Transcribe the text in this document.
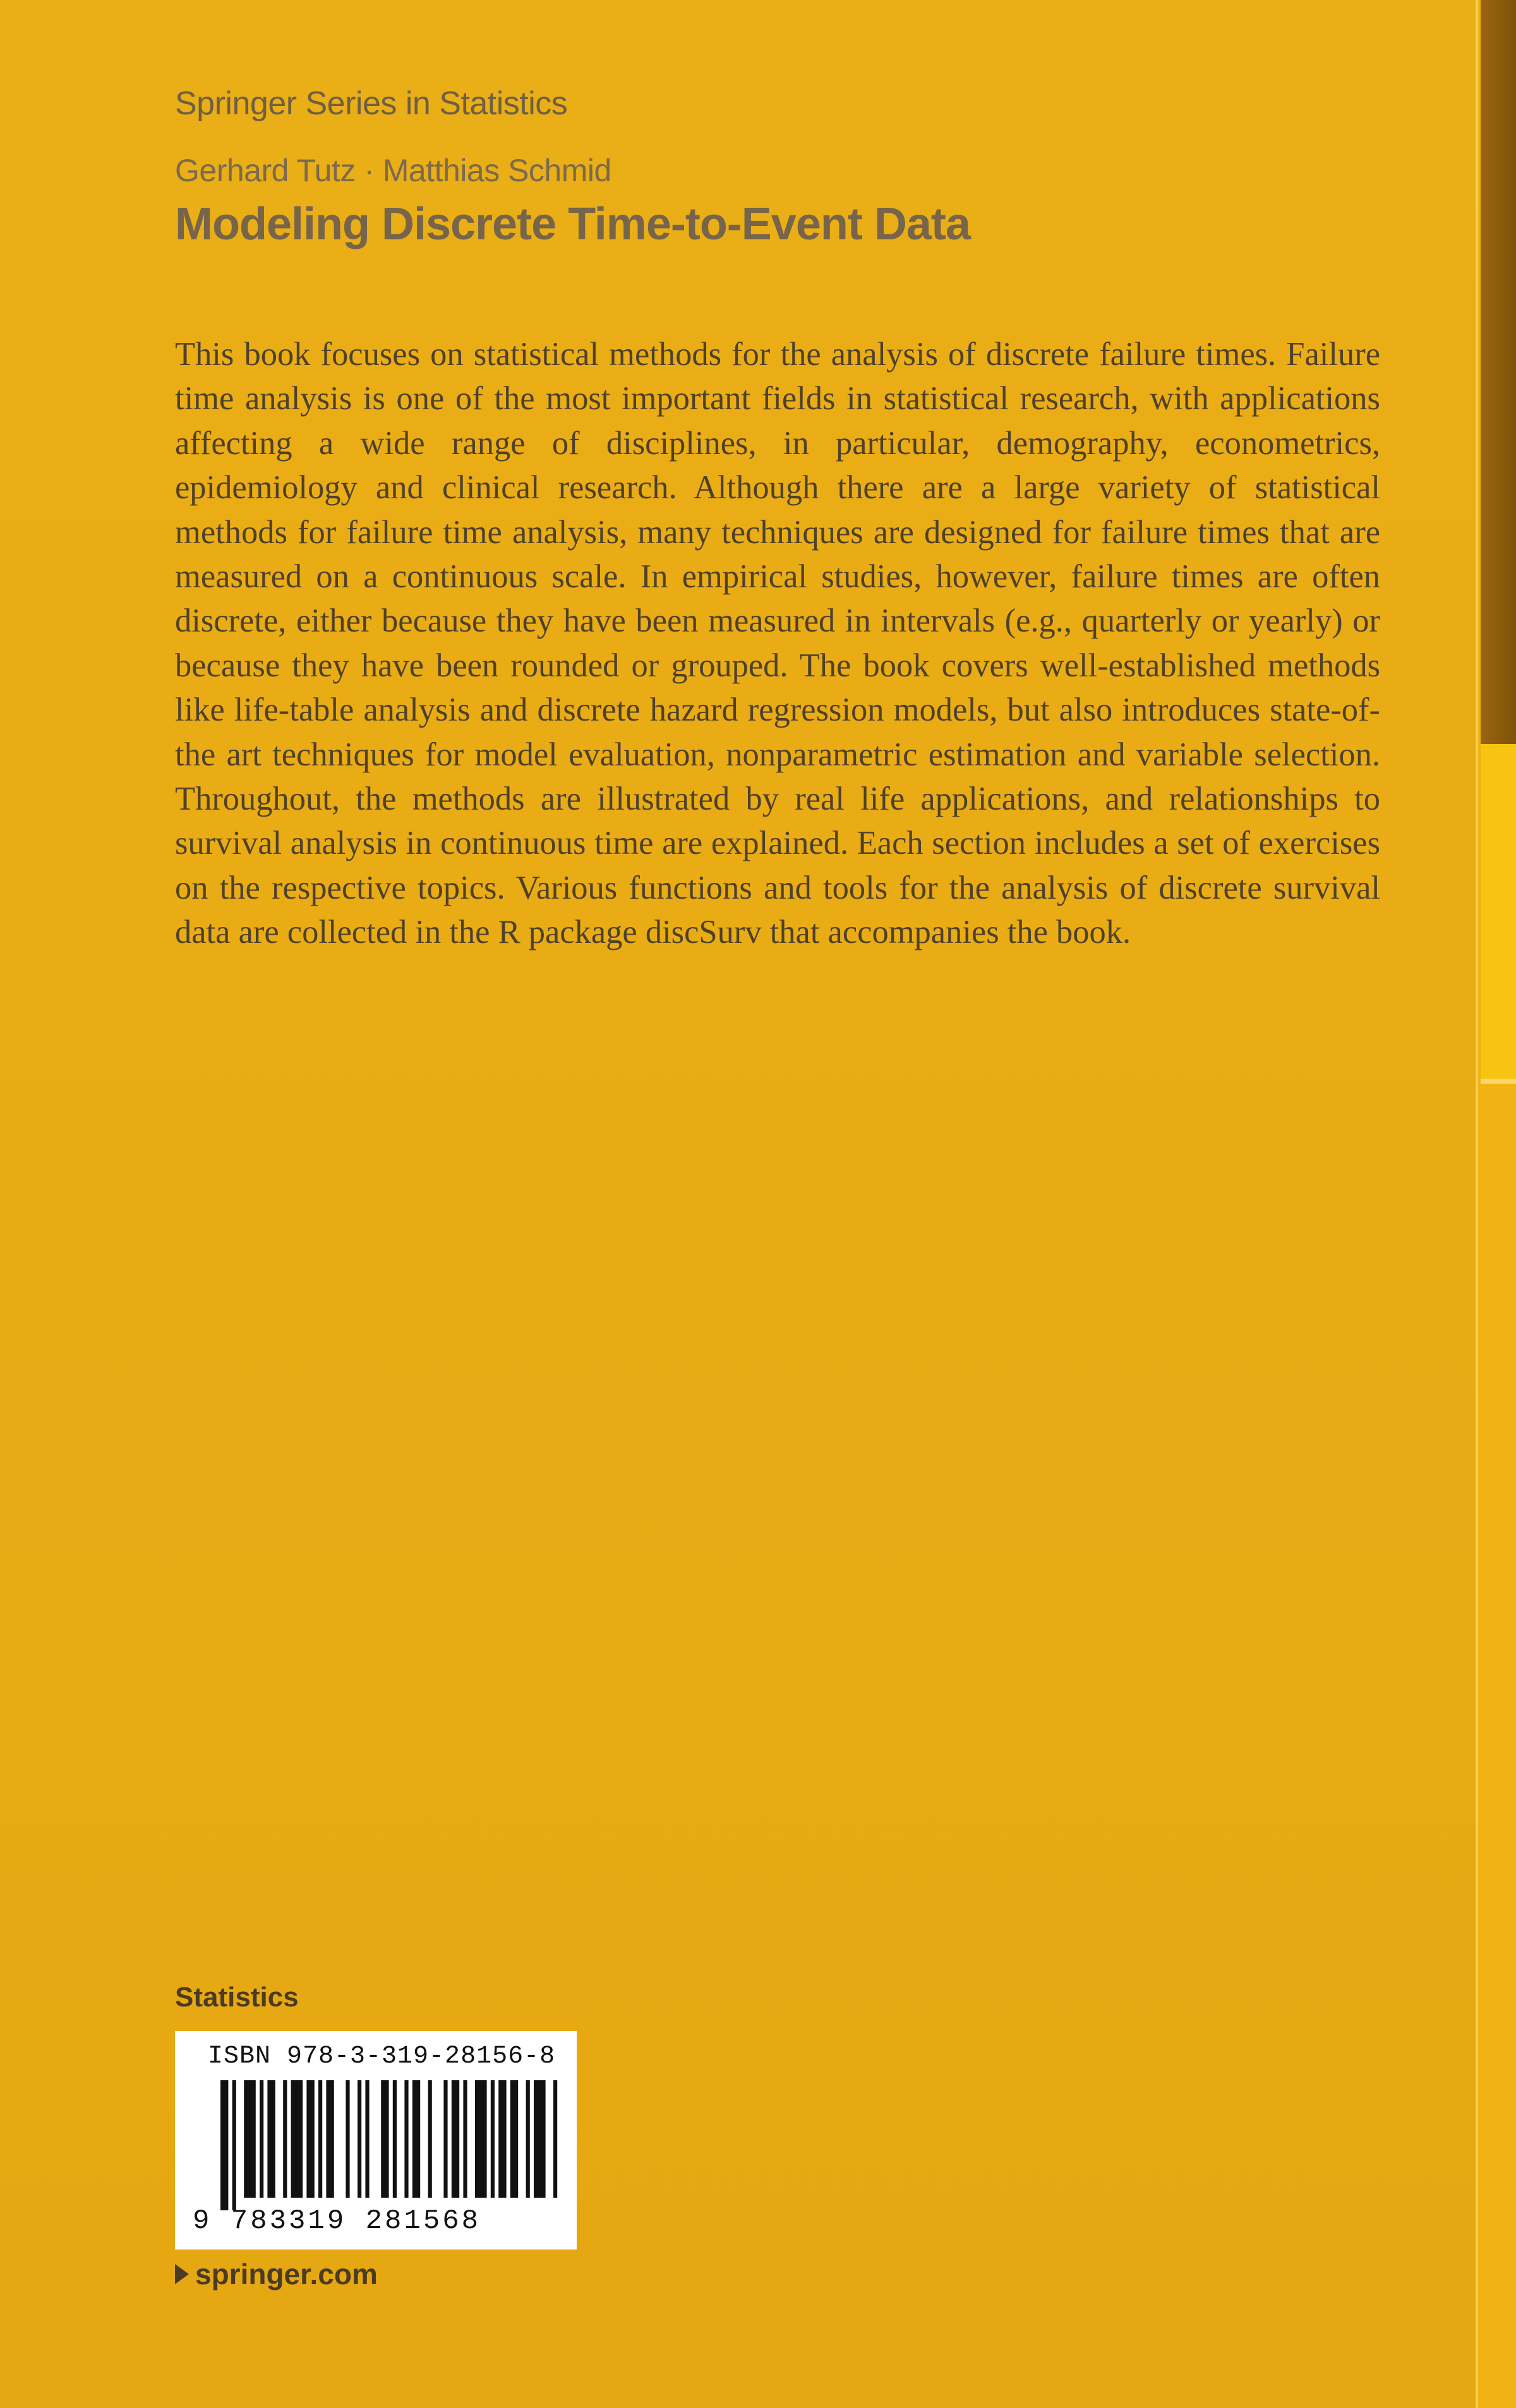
Springer Series in Statistics
Gerhard Tutz · Matthias Schmid
Modeling Discrete Time-to-Event Data

This book focuses on statistical methods for the analysis of discrete failure times. Failure time analysis is one of the most important fields in statistical research, with applications affecting a wide range of disciplines, in particular, demography, econometrics, epidemiology and clinical research. Although there are a large variety of statistical methods for failure time analysis, many techniques are designed for failure times that are measured on a continuous scale. In empirical studies, however, failure times are often discrete, either because they have been measured in intervals (e.g., quarterly or yearly) or because they have been rounded or grouped. The book covers well-established methods like life-table analysis and discrete hazard regression models, but also introduces state-of-the art techniques for model evaluation, nonparametric estimation and variable selection. Throughout, the methods are illustrated by real life applications, and relationships to survival analysis in continuous time are explained. Each section includes a set of exercises on the respective topics. Various functions and tools for the analysis of discrete survival data are collected in the R package discSurv that accompanies the book.

Statistics
ISBN 978-3-319-28156-8
9 783319 281568
springer.com
